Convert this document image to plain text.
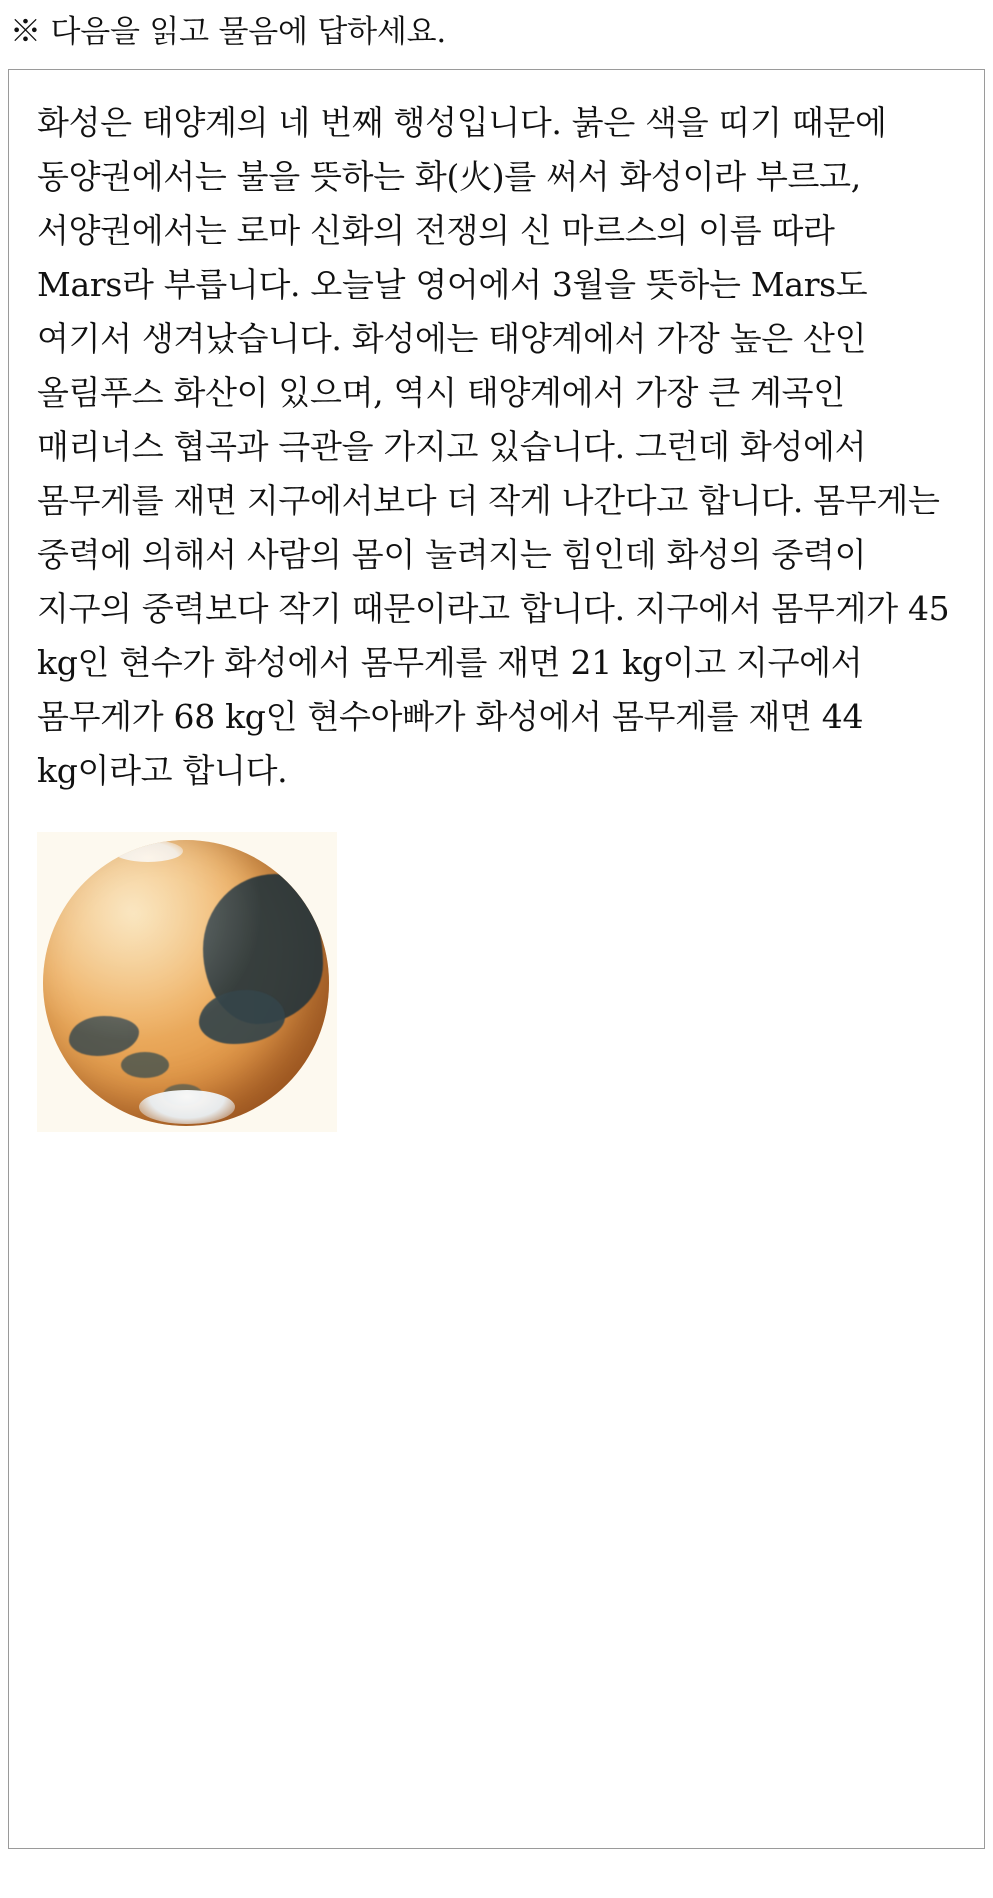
※ 다음을 읽고 물음에 답하세요.
화성은 태양계의 네 번째 행성입니다. 붉은 색을 띠기 때문에 동양권에서는 불을 뜻하는 화(火)를 써서 화성이라 부르고, 서양권에서는 로마 신화의 전쟁의 신 마르스의 이름 따라 Mars라 부릅니다. 오늘날 영어에서 3월을 뜻하는 Mars도 여기서 생겨났습니다. 화성에는 태양계에서 가장 높은 산인 올림푸스 화산이 있으며, 역시 태양계에서 가장 큰 계곡인 매리너스 협곡과 극관을 가지고 있습니다. 그런데 화성에서 몸무게를 재면 지구에서보다 더 작게 나간다고 합니다. 몸무게는 중력에 의해서 사람의 몸이 눌려지는 힘인데 화성의 중력이 지구의 중력보다 작기 때문이라고 합니다. 지구에서 몸무게가 45 kg인 현수가 화성에서 몸무게를 재면 21 kg이고 지구에서 몸무게가 68 kg인 현수아빠가 화성에서 몸무게를 재면 44 kg이라고 합니다.
